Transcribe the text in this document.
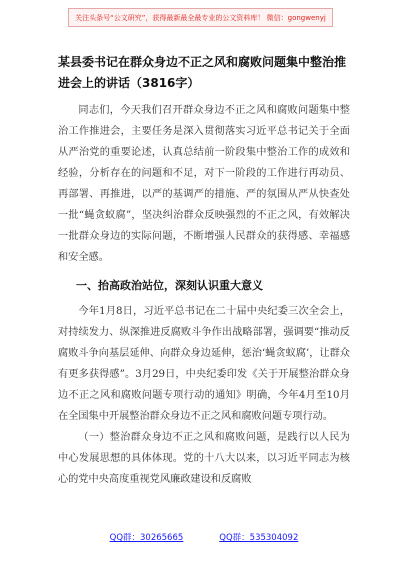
关注头条号“公文研究”，获得最新最全最专业的公文资料库！ 微信：gongwenyj
某县委书记在群众身边不正之风和腐败问题集中整治推进会上的讲话（3816字）

同志们，今天我们召开群众身边不正之风和腐败问题集中整治工作推进会，主要任务是深入贯彻落实习近平总书记关于全面从严治党的重要论述，认真总结前一阶段集中整治工作的成效和经验，分析存在的问题和不足，对下一阶段的工作进行再动员、再部署、再推进，以严的基调严的措施、严的氛围从严从快查处一批“蝇贪蚁腐”，坚决纠治群众反映强烈的不正之风，有效解决一批群众身边的实际问题，不断增强人民群众的获得感、幸福感和安全感。

一、抬高政治站位，深刻认识重大意义

今年1月8日，习近平总书记在二十届中央纪委三次全会上，对持续发力、纵深推进反腐败斗争作出战略部署，强调要“推动反腐败斗争向基层延伸、向群众身边延伸，惩治‘蝇贪蚁腐’，让群众有更多获得感”。3月29日，中央纪委印发《关于开展整治群众身边不正之风和腐败问题专项行动的通知》明确，今年4月至10月在全国集中开展整治群众身边不正之风和腐败问题专项行动。

（一）整治群众身边不正之风和腐败问题，是践行以人民为中心发展思想的具体体现。党的十八大以来，以习近平同志为核心的党中央高度重视党风廉政建设和反腐败

QQ群：30265665	QQ群：535304092
